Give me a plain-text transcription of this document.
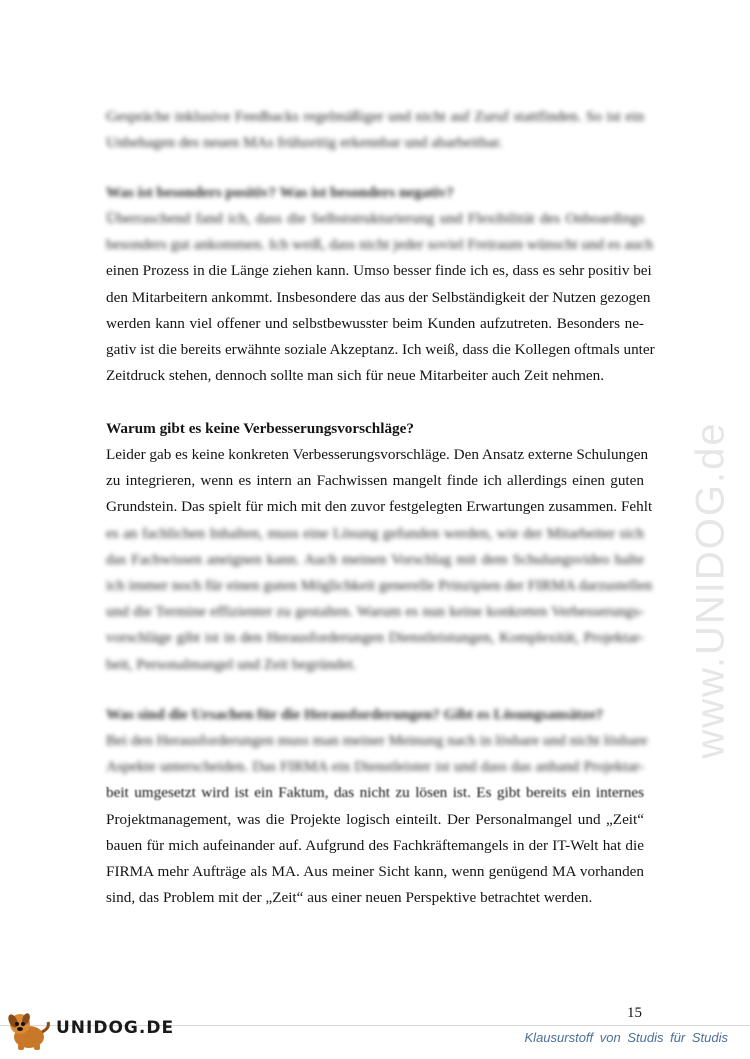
www.UNIDOG.de

Gespräche inklusive Feedbacks regelmäßiger und nicht auf Zuruf stattfinden. So ist ein
Unbehagen des neuen MAs frühzeitig erkennbar und abarbeitbar.

Was ist besonders positiv? Was ist besonders negativ?

Überraschend fand ich, dass die Selbststrukturierung und Flexibilität des Onboardings
besonders gut ankommen. Ich weiß, dass nicht jeder soviel Freiraum wünscht und es auch
einen Prozess in die Länge ziehen kann. Umso besser finde ich es, dass es sehr positiv bei
den Mitarbeitern ankommt. Insbesondere das aus der Selbständigkeit der Nutzen gezogen
werden kann viel offener und selbstbewusster beim Kunden aufzutreten. Besonders ne-
gativ ist die bereits erwähnte soziale Akzeptanz. Ich weiß, dass die Kollegen oftmals unter
Zeitdruck stehen, dennoch sollte man sich für neue Mitarbeiter auch Zeit nehmen.

Warum gibt es keine Verbesserungsvorschläge?

Leider gab es keine konkreten Verbesserungsvorschläge. Den Ansatz externe Schulungen
zu integrieren, wenn es intern an Fachwissen mangelt finde ich allerdings einen guten
Grundstein. Das spielt für mich mit den zuvor festgelegten Erwartungen zusammen. Fehlt
es an fachlichen Inhalten, muss eine Lösung gefunden werden, wie der Mitarbeiter sich
das Fachwissen aneignen kann. Auch meinen Vorschlag mit dem Schulungsvideo halte
ich immer noch für einen guten Möglichkeit generelle Prinzipien der FIRMA darzustellen
und die Termine effizienter zu gestalten. Warum es nun keine konkreten Verbesserungs-
vorschläge gibt ist in den Herausforderungen Dienstleistungen, Komplexität, Projektar-
beit, Personalmangel und Zeit begründet.

Was sind die Ursachen für die Herausforderungen? Gibt es Lösungsansätze?

Bei den Herausforderungen muss man meiner Meinung nach in lösbare und nicht lösbare
Aspekte unterscheiden. Das FIRMA ein Dienstleister ist und dass das anhand Projektar-
beit umgesetzt wird ist ein Faktum, das nicht zu lösen ist. Es gibt bereits ein internes
Projektmanagement, was die Projekte logisch einteilt. Der Personalmangel und „Zeit“
bauen für mich aufeinander auf. Aufgrund des Fachkräftemangels in der IT-Welt hat die
FIRMA mehr Aufträge als MA. Aus meiner Sicht kann, wenn genügend MA vorhanden
sind, das Problem mit der „Zeit“ aus einer neuen Perspektive betrachtet werden.

15
UNIDOG.DE	Klausurstoff von Studis für Studis
